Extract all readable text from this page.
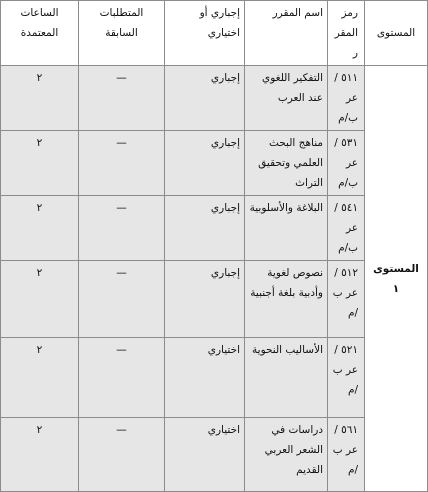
المستوى	رمز المقر ر	اسم المقرر	إجباري أو اختياري	المتطلبات السابقة	الساعات المعتمدة
المستوى ١	٥١١ /عر ب/م	التفكير اللغوي عند العرب	إجباري	—	٢
	٥٣١ /عر ب/م	مناهج البحث العلمي وتحقيق التراث	إجباري	—	٢
	٥٤١ /عر ب/م	البلاغة والأسلوبية	إجباري	—	٢
	٥١٢ /عر ب /م	نصوص لغوية وأدبية بلغة أجنبية	إجباري	—	٢
	٥٢١ /عر ب /م	الأساليب النحوية	اختياري	—	٢
	٥٦١ /عر ب /م	دراسات في الشعر العربي القديم	اختياري	—	٢
